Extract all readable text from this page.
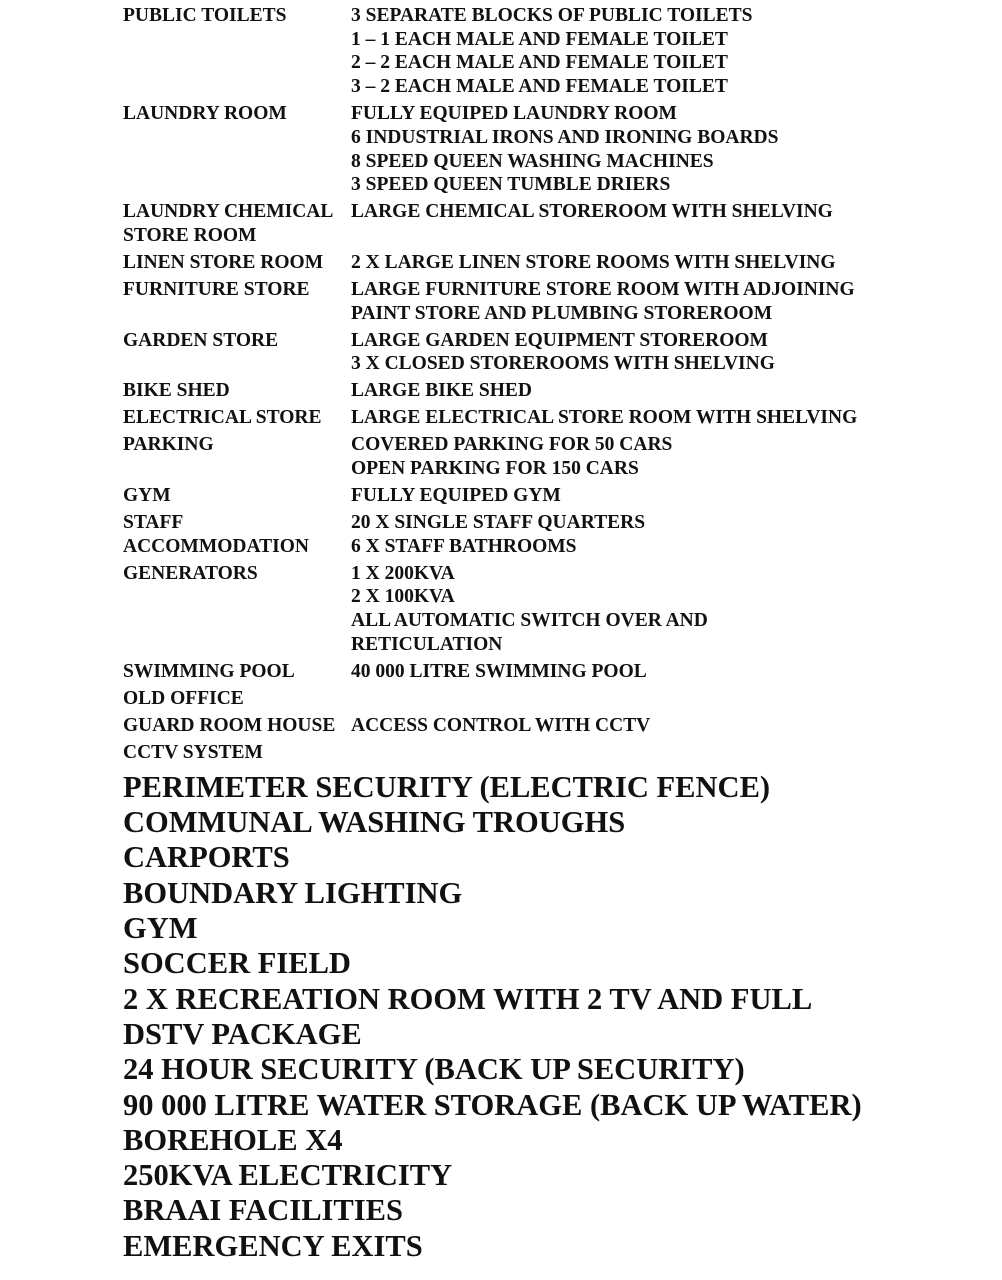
PUBLIC TOILETS	3 SEPARATE BLOCKS OF PUBLIC TOILETS
1 – 1 EACH MALE AND FEMALE TOILET
2 – 2 EACH MALE AND FEMALE TOILET
3 – 2 EACH MALE AND FEMALE TOILET

LAUNDRY ROOM	FULLY EQUIPED LAUNDRY ROOM
6 INDUSTRIAL IRONS AND IRONING BOARDS
8 SPEED QUEEN WASHING MACHINES
3 SPEED QUEEN TUMBLE DRIERS

LAUNDRY CHEMICAL
STORE ROOM	LARGE CHEMICAL STOREROOM WITH SHELVING

LINEN STORE ROOM	2 X LARGE LINEN STORE ROOMS WITH SHELVING

FURNITURE STORE	LARGE FURNITURE STORE ROOM WITH ADJOINING
PAINT STORE AND PLUMBING STOREROOM

GARDEN STORE	LARGE GARDEN EQUIPMENT STOREROOM
3 X CLOSED STOREROOMS WITH SHELVING

BIKE SHED	LARGE BIKE SHED

ELECTRICAL STORE	LARGE ELECTRICAL STORE ROOM WITH SHELVING

PARKING	COVERED PARKING FOR 50 CARS
OPEN PARKING FOR 150 CARS

GYM	FULLY EQUIPED GYM

STAFF
ACCOMMODATION	20 X SINGLE STAFF QUARTERS
6 X STAFF BATHROOMS

GENERATORS	1 X 200KVA
2 X 100KVA
ALL AUTOMATIC SWITCH OVER AND
RETICULATION

SWIMMING POOL	40 000 LITRE SWIMMING POOL

OLD OFFICE	

GUARD ROOM HOUSE	ACCESS CONTROL WITH CCTV

CCTV SYSTEM	

PERIMETER SECURITY (ELECTRIC FENCE)
COMMUNAL WASHING TROUGHS
CARPORTS
BOUNDARY LIGHTING
GYM
SOCCER FIELD
2 X RECREATION ROOM WITH 2 TV AND FULL
DSTV PACKAGE
24 HOUR SECURITY (BACK UP SECURITY)
90 000 LITRE WATER STORAGE (BACK UP WATER)
BOREHOLE X4
250KVA ELECTRICITY
BRAAI FACILITIES
EMERGENCY EXITS
